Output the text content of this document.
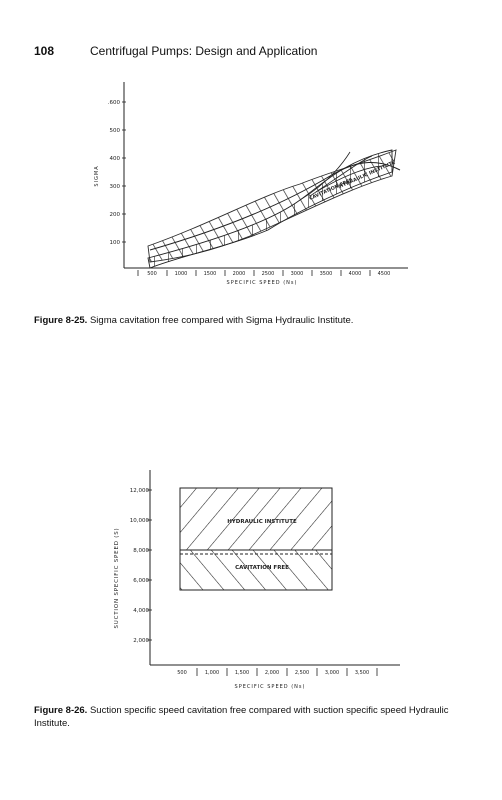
108	Centrifugal Pumps: Design and Application
SIGMA
.600
500
400
300
200
100
500	1000	1500	2000	2500	3000	3500	4000	4500
SPECIFIC SPEED (Ns)
CAVITATION FREE
HYDRAULIC INSTITUTE
Figure 8-25. Sigma cavitation free compared with Sigma Hydraulic Institute.
SUCTION SPECIFIC SPEED (S)
12,000
10,000
8,000
6,000
4,000
2,000
500	1,000	1,500	2,000	2,500	3,000	3,500
SPECIFIC SPEED (Ns)
HYDRAULIC INSTITUTE
CAVITATION FREE
Figure 8-26. Suction specific speed cavitation free compared with suction specific speed Hydraulic Institute.
